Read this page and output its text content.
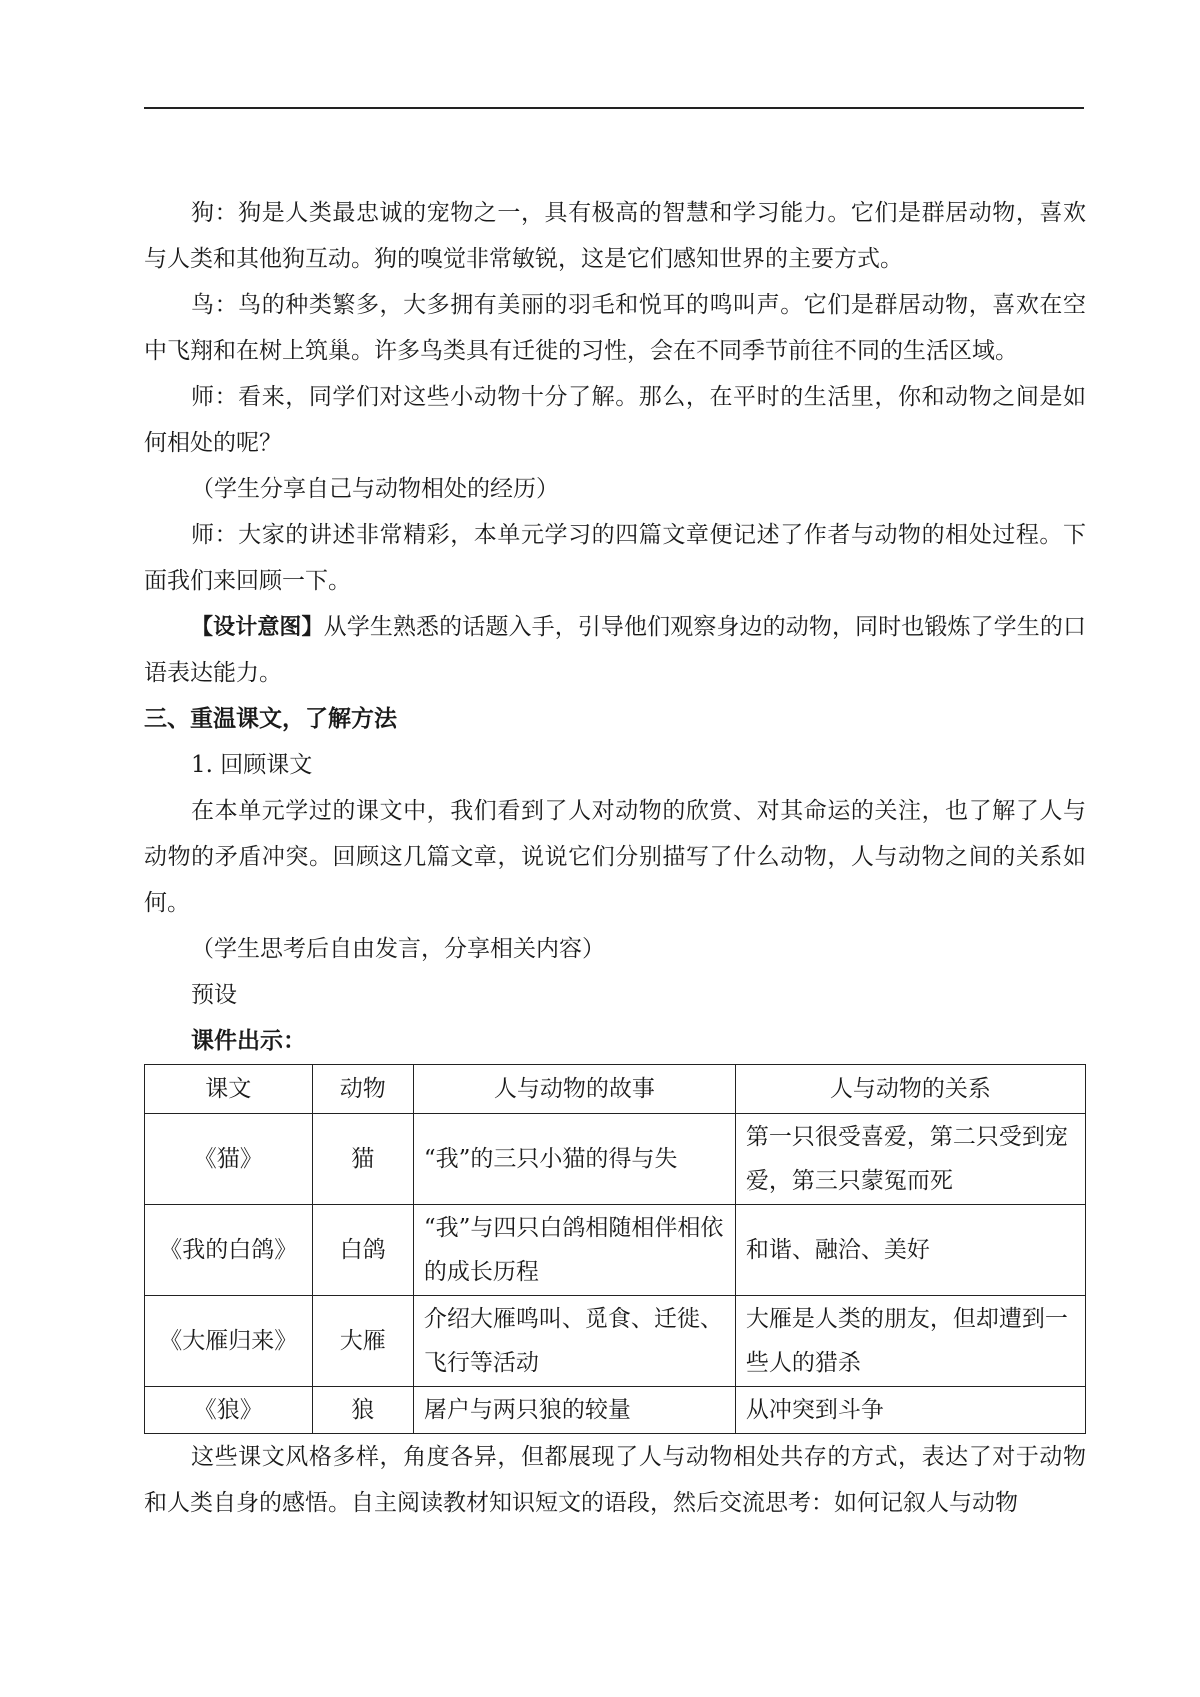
狗：狗是人类最忠诚的宠物之一，具有极高的智慧和学习能力。它们是群居动物，喜欢与人类和其他狗互动。狗的嗅觉非常敏锐，这是它们感知世界的主要方式。

鸟：鸟的种类繁多，大多拥有美丽的羽毛和悦耳的鸣叫声。它们是群居动物，喜欢在空中飞翔和在树上筑巢。许多鸟类具有迁徙的习性，会在不同季节前往不同的生活区域。

师：看来，同学们对这些小动物十分了解。那么，在平时的生活里，你和动物之间是如何相处的呢？

（学生分享自己与动物相处的经历）

师：大家的讲述非常精彩，本单元学习的四篇文章便记述了作者与动物的相处过程。下面我们来回顾一下。

【设计意图】从学生熟悉的话题入手，引导他们观察身边的动物，同时也锻炼了学生的口语表达能力。

三、重温课文，了解方法

1. 回顾课文

在本单元学过的课文中，我们看到了人对动物的欣赏、对其命运的关注，也了解了人与动物的矛盾冲突。回顾这几篇文章，说说它们分别描写了什么动物，人与动物之间的关系如何。

（学生思考后自由发言，分享相关内容）

预设

课件出示：

课文	动物	人与动物的故事	人与动物的关系
《猫》	猫	“我”的三只小猫的得与失	第一只很受喜爱，第二只受到宠爱，第三只蒙冤而死
《我的白鸽》	白鸽	“我”与四只白鸽相随相伴相依的成长历程	和谐、融洽、美好
《大雁归来》	大雁	介绍大雁鸣叫、觅食、迁徙、飞行等活动	大雁是人类的朋友，但却遭到一些人的猎杀
《狼》	狼	屠户与两只狼的较量	从冲突到斗争

这些课文风格多样，角度各异，但都展现了人与动物相处共存的方式，表达了对于动物和人类自身的感悟。自主阅读教材知识短文的语段，然后交流思考：如何记叙人与动物
